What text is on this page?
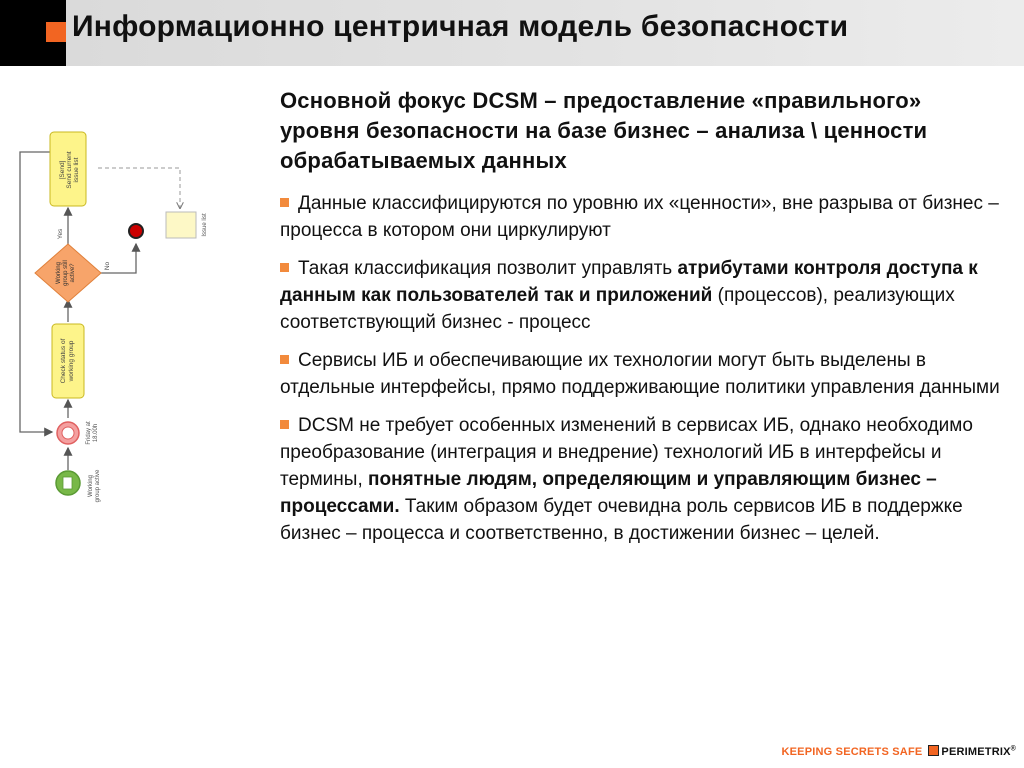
Информационно центричная модель безопасности
[Send] Send current issue list
Issue list
Yes
No
Working group still active?
Check status of working group
Friday at 18.00h
Working group active
Основной фокус DCSM – предоставление «правильного» уровня безопасности на базе бизнес – анализа \ ценности обрабатываемых данных
Данные классифицируются по уровню их «ценности», вне разрыва от бизнес – процесса в котором они циркулируют
Такая классификация позволит управлять атрибутами контроля доступа к данным как пользователей так и приложений (процессов), реализующих соответствующий бизнес - процесс
Сервисы ИБ и обеспечивающие их технологии могут быть выделены в отдельные интерфейсы, прямо поддерживающие политики управления данными
DCSM не требует особенных изменений в сервисах ИБ, однако необходимо преобразование (интеграция и внедрение) технологий ИБ в интерфейсы и термины, понятные людям, определяющим и управляющим бизнес – процессами. Таким образом будет очевидна роль сервисов ИБ в поддержке бизнес – процесса и соответственно, в достижении бизнес – целей.
KEEPING SECRETS SAFE PERIMETRIX®
